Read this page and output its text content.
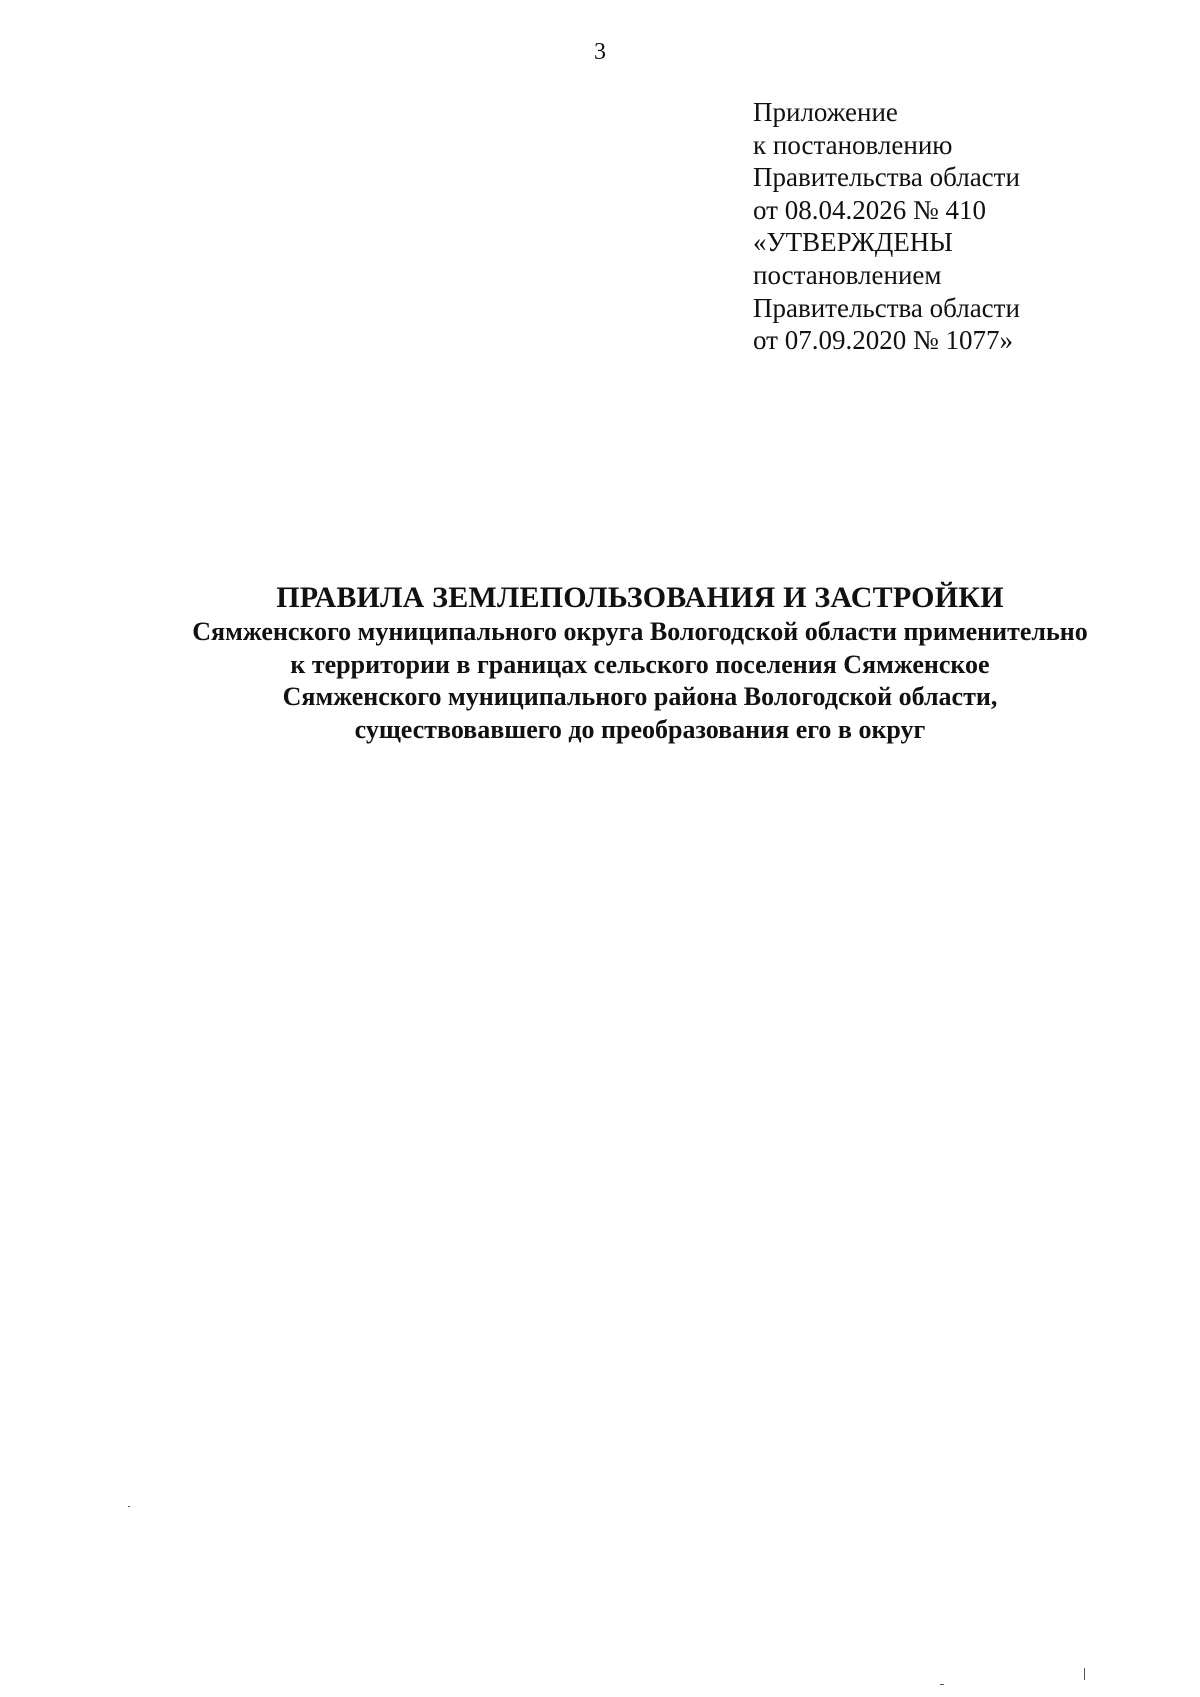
3
Приложение
к постановлению
Правительства области
от 08.04.2026 № 410
«УТВЕРЖДЕНЫ
постановлением
Правительства области
от 07.09.2020 № 1077»
ПРАВИЛА ЗЕМЛЕПОЛЬЗОВАНИЯ И ЗАСТРОЙКИ
Сямженского муниципального округа Вологодской области применительно
к территории в границах сельского поселения Сямженское
Сямженского муниципального района Вологодской области,
существовавшего до преобразования его в округ
